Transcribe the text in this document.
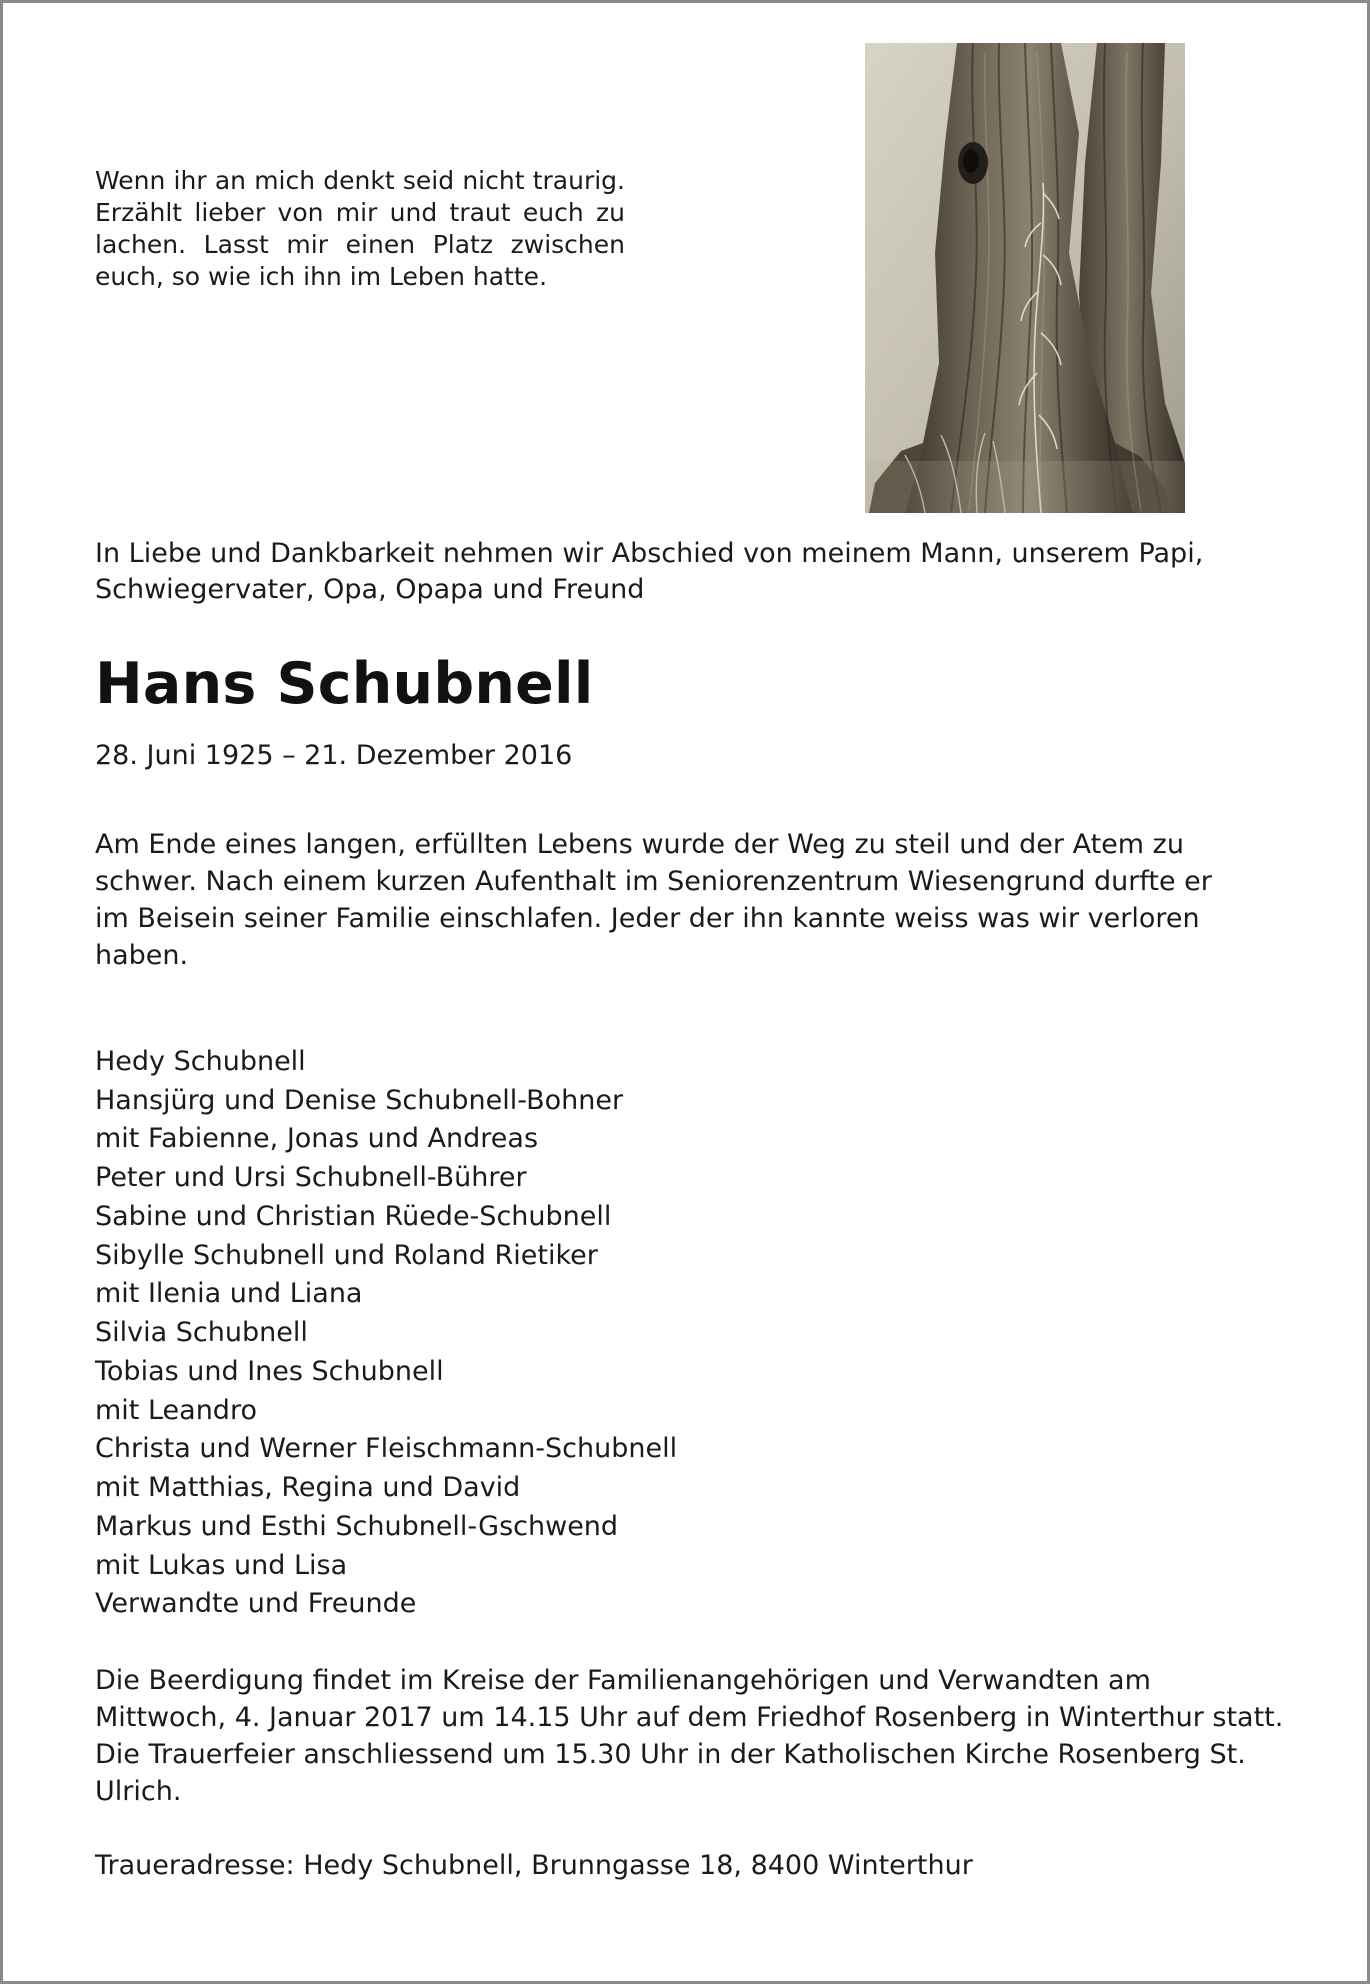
Wenn ihr an mich denkt seid nicht traurig. Erzählt lieber von mir und traut euch zu lachen. Lasst mir einen Platz zwischen euch, so wie ich ihn im Leben hatte.
In Liebe und Dankbarkeit nehmen wir Abschied von meinem Mann, unserem Papi, Schwiegervater, Opa, Opapa und Freund
Hans Schubnell
28. Juni 1925 – 21. Dezember 2016
Am Ende eines langen, erfüllten Lebens wurde der Weg zu steil und der Atem zu schwer. Nach einem kurzen Aufenthalt im Seniorenzentrum Wiesengrund durfte er im Beisein seiner Familie einschlafen. Jeder der ihn kannte weiss was wir verloren haben.
Hedy Schubnell
Hansjürg und Denise Schubnell-Bohner
mit Fabienne, Jonas und Andreas
Peter und Ursi Schubnell-Bührer
Sabine und Christian Rüede-Schubnell
Sibylle Schubnell und Roland Rietiker
mit Ilenia und Liana
Silvia Schubnell
Tobias und Ines Schubnell
mit Leandro
Christa und Werner Fleischmann-Schubnell
mit Matthias, Regina und David
Markus und Esthi Schubnell-Gschwend
mit Lukas und Lisa
Verwandte und Freunde
Die Beerdigung findet im Kreise der Familienangehörigen und Verwandten am Mittwoch, 4. Januar 2017 um 14.15 Uhr auf dem Friedhof Rosenberg in Winterthur statt. Die Trauerfeier anschliessend um 15.30 Uhr in der Katholischen Kirche Rosenberg St. Ulrich.
Traueradresse: Hedy Schubnell, Brunngasse 18, 8400 Winterthur
